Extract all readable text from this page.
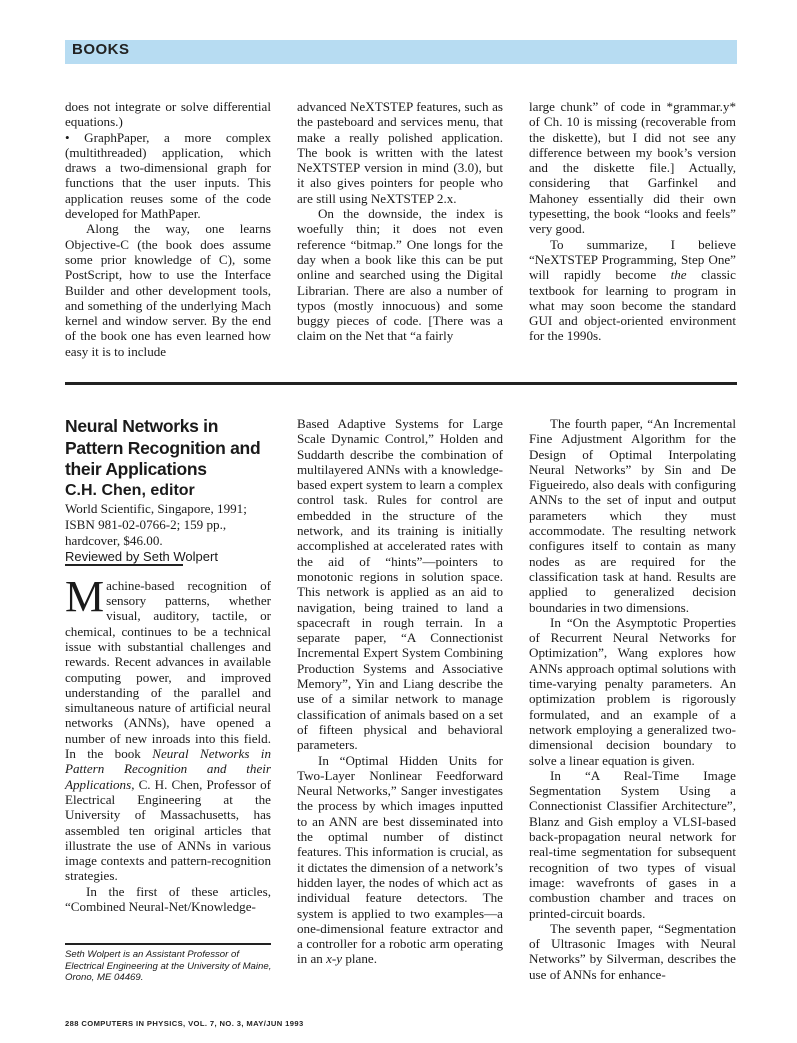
BOOKS

does not integrate or solve differential equations.)

• GraphPaper, a more complex (multithreaded) application, which draws a two-dimensional graph for functions that the user inputs. This application reuses some of the code developed for MathPaper.

Along the way, one learns Objective-C (the book does assume some prior knowledge of C), some PostScript, how to use the Interface Builder and other development tools, and something of the underlying Mach kernel and window server. By the end of the book one has even learned how easy it is to include

advanced NeXTSTEP features, such as the pasteboard and services menu, that make a really polished application. The book is written with the latest NeXTSTEP version in mind (3.0), but it also gives pointers for people who are still using NeXTSTEP 2.x.

On the downside, the index is woefully thin; it does not even reference “bitmap.” One longs for the day when a book like this can be put online and searched using the Digital Librarian. There are also a number of typos (mostly innocuous) and some buggy pieces of code. [There was a claim on the Net that “a fairly

large chunk” of code in *grammar.y* of Ch. 10 is missing (recoverable from the diskette), but I did not see any difference between my book’s version and the diskette file.] Actually, considering that Garfinkel and Mahoney essentially did their own typesetting, the book “looks and feels” very good.

To summarize, I believe “NeXTSTEP Programming, Step One” will rapidly become the classic textbook for learning to program in what may soon become the standard GUI and object-oriented environment for the 1990s.

Neural Networks in Pattern Recognition and their Applications

C.H. Chen, editor

World Scientific, Singapore, 1991;
ISBN 981-02-0766-2; 159 pp.,
hardcover, $46.00.

Reviewed by Seth Wolpert

Machine-based recognition of sensory patterns, whether visual, auditory, tactile, or chemical, continues to be a technical issue with substantial challenges and rewards. Recent advances in available computing power, and improved understanding of the parallel and simultaneous nature of artificial neural networks (ANNs), have opened a number of new inroads into this field. In the book Neural Networks in Pattern Recognition and their Applications, C. H. Chen, Professor of Electrical Engineering at the University of Massachusetts, has assembled ten original articles that illustrate the use of ANNs in various image contexts and pattern-recognition strategies.

In the first of these articles, “Combined Neural-Net/Knowledge-

Seth Wolpert is an Assistant Professor of Electrical Engineering at the University of Maine, Orono, ME 04469.

Based Adaptive Systems for Large Scale Dynamic Control,” Holden and Suddarth describe the combination of multilayered ANNs with a knowledge-based expert system to learn a complex control task. Rules for control are embedded in the structure of the network, and its training is initially accomplished at accelerated rates with the aid of “hints”—pointers to monotonic regions in solution space. This network is applied as an aid to navigation, being trained to land a spacecraft in rough terrain. In a separate paper, “A Connectionist Incremental Expert System Combining Production Systems and Associative Memory”, Yin and Liang describe the use of a similar network to manage classification of animals based on a set of fifteen physical and behavioral parameters.

In “Optimal Hidden Units for Two-Layer Nonlinear Feedforward Neural Networks,” Sanger investigates the process by which images inputted to an ANN are best disseminated into the optimal number of distinct features. This information is crucial, as it dictates the dimension of a network’s hidden layer, the nodes of which act as individual feature detectors. The system is applied to two examples—a one-dimensional feature extractor and a controller for a robotic arm operating in an x-y plane.

The fourth paper, “An Incremental Fine Adjustment Algorithm for the Design of Optimal Interpolating Neural Networks” by Sin and De Figueiredo, also deals with configuring ANNs to the set of input and output parameters which they must accommodate. The resulting network configures itself to contain as many nodes as are required for the classification task at hand. Results are applied to generalized decision boundaries in two dimensions.

In “On the Asymptotic Properties of Recurrent Neural Networks for Optimization”, Wang explores how ANNs approach optimal solutions with time-varying penalty parameters. An optimization problem is rigorously formulated, and an example of a network employing a generalized two-dimensional decision boundary to solve a linear equation is given.

In “A Real-Time Image Segmentation System Using a Connectionist Classifier Architecture”, Blanz and Gish employ a VLSI-based back-propagation neural network for real-time segmentation for subsequent recognition of two types of visual image: wavefronts of gases in a combustion chamber and traces on printed-circuit boards.

The seventh paper, “Segmentation of Ultrasonic Images with Neural Networks” by Silverman, describes the use of ANNs for enhance-

288 COMPUTERS IN PHYSICS, VOL. 7, NO. 3, MAY/JUN 1993
